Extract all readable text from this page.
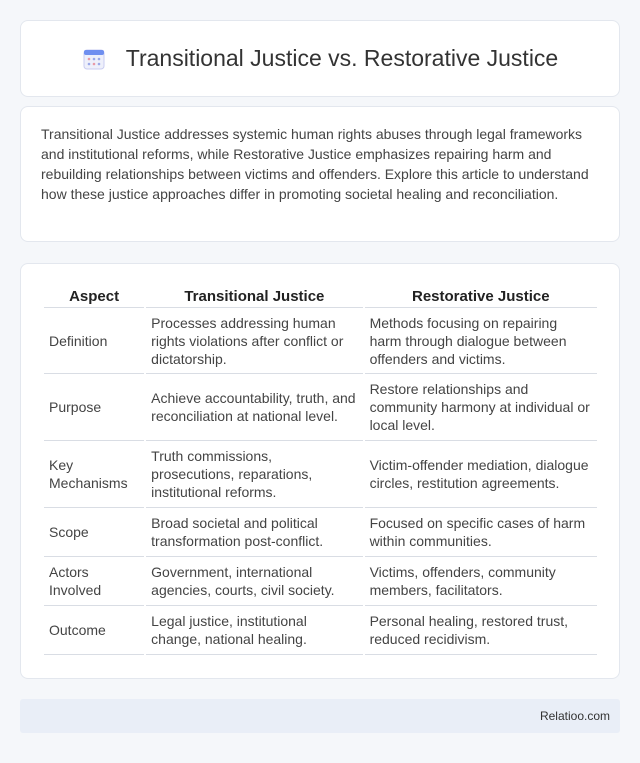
Transitional Justice vs. Restorative Justice

Transitional Justice addresses systemic human rights abuses through legal frameworks and institutional reforms, while Restorative Justice emphasizes repairing harm and rebuilding relationships between victims and offenders. Explore this article to understand how these justice approaches differ in promoting societal healing and reconciliation.

Aspect	Transitional Justice	Restorative Justice
Definition	Processes addressing human rights violations after conflict or dictatorship.	Methods focusing on repairing harm through dialogue between offenders and victims.
Purpose	Achieve accountability, truth, and reconciliation at national level.	Restore relationships and community harmony at individual or local level.
Key Mechanisms	Truth commissions, prosecutions, reparations, institutional reforms.	Victim-offender mediation, dialogue circles, restitution agreements.
Scope	Broad societal and political transformation post-conflict.	Focused on specific cases of harm within communities.
Actors Involved	Government, international agencies, courts, civil society.	Victims, offenders, community members, facilitators.
Outcome	Legal justice, institutional change, national healing.	Personal healing, restored trust, reduced recidivism.
Relatioo.com
